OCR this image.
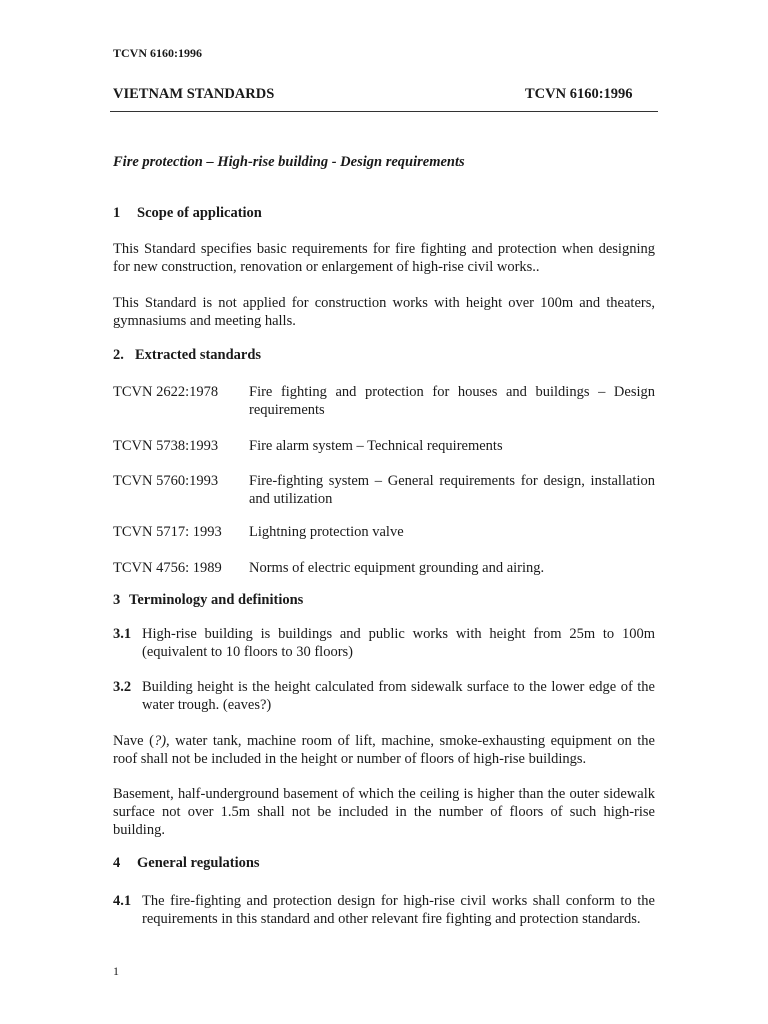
TCVN 6160:1996
VIETNAM STANDARDS	TCVN 6160:1996
Fire protection – High-rise building - Design requirements
1 Scope of application
This Standard specifies basic requirements for fire fighting and protection when designing for new construction, renovation or enlargement of high-rise civil works..
This Standard is not applied for construction works with height over 100m and theaters, gymnasiums and meeting halls.
2. Extracted standards
TCVN 2622:1978 Fire fighting and protection for houses and buildings – Design requirements
TCVN 5738:1993 Fire alarm system – Technical requirements
TCVN 5760:1993 Fire-fighting system – General requirements for design, installation and utilization
TCVN 5717: 1993 Lightning protection valve
TCVN 4756: 1989 Norms of electric equipment grounding and airing.
3 Terminology and definitions
3.1 High-rise building is buildings and public works with height from 25m to 100m (equivalent to 10 floors to 30 floors)
3.2 Building height is the height calculated from sidewalk surface to the lower edge of the water trough. (eaves?)
Nave (?), water tank, machine room of lift, machine, smoke-exhausting equipment on the roof shall not be included in the height or number of floors of high-rise buildings.
Basement, half-underground basement of which the ceiling is higher than the outer sidewalk surface not over 1.5m shall not be included in the number of floors of such high-rise building.
4 General regulations
4.1 The fire-fighting and protection design for high-rise civil works shall conform to the requirements in this standard and other relevant fire fighting and protection standards.
1
